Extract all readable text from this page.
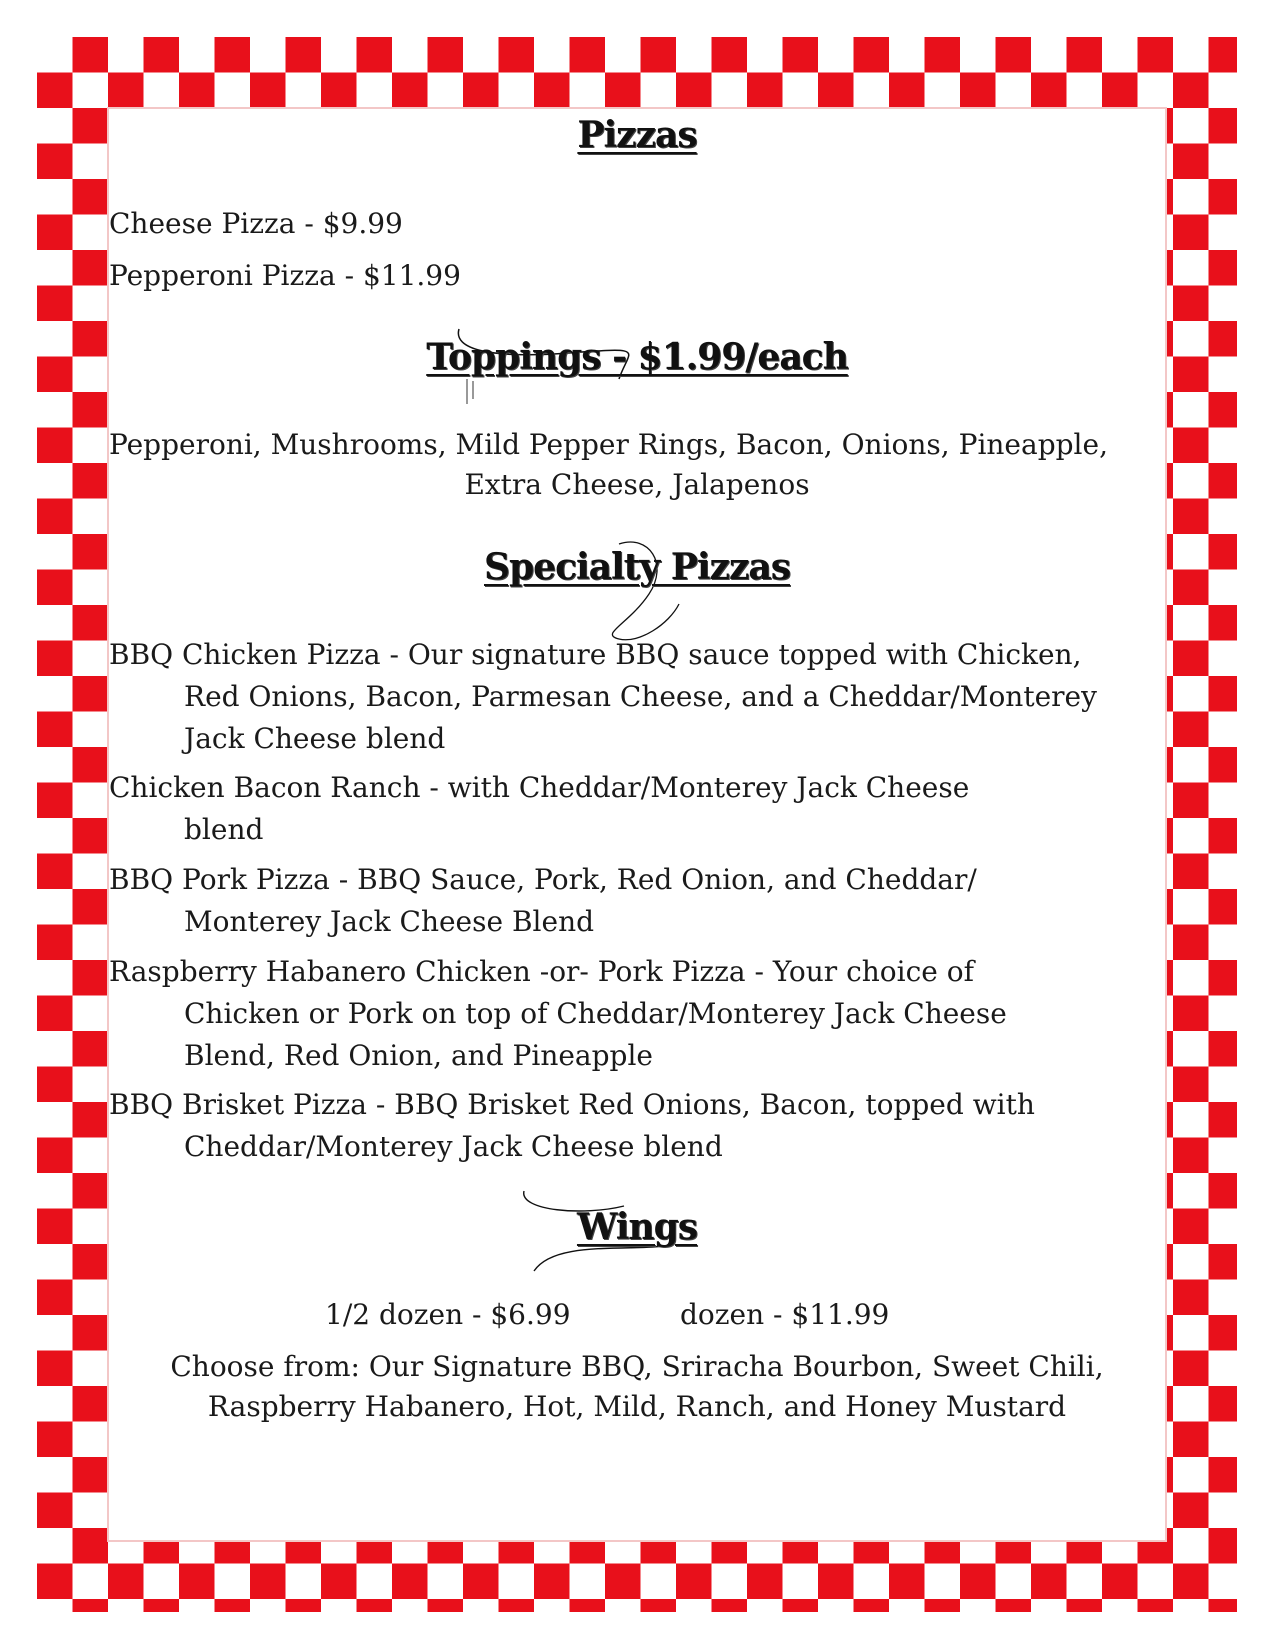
Pizzas
Cheese Pizza - $9.99
Pepperoni Pizza - $11.99
Toppings - $1.99/each
Pepperoni, Mushrooms, Mild Pepper Rings, Bacon, Onions, Pineapple,
Extra Cheese, Jalapenos
Specialty Pizzas
BBQ Chicken Pizza - Our signature BBQ sauce topped with Chicken,
Red Onions, Bacon, Parmesan Cheese, and a Cheddar/Monterey
Jack Cheese blend
Chicken Bacon Ranch - with Cheddar/Monterey Jack Cheese
blend
BBQ Pork Pizza - BBQ Sauce, Pork, Red Onion, and Cheddar/
Monterey Jack Cheese Blend
Raspberry Habanero Chicken -or- Pork Pizza - Your choice of
Chicken or Pork on top of Cheddar/Monterey Jack Cheese
Blend, Red Onion, and Pineapple
BBQ Brisket Pizza - BBQ Brisket Red Onions, Bacon, topped with
Cheddar/Monterey Jack Cheese blend
Wings
1/2 dozen - $6.99	dozen - $11.99
Choose from: Our Signature BBQ, Sriracha Bourbon, Sweet Chili,
Raspberry Habanero, Hot, Mild, Ranch, and Honey Mustard
